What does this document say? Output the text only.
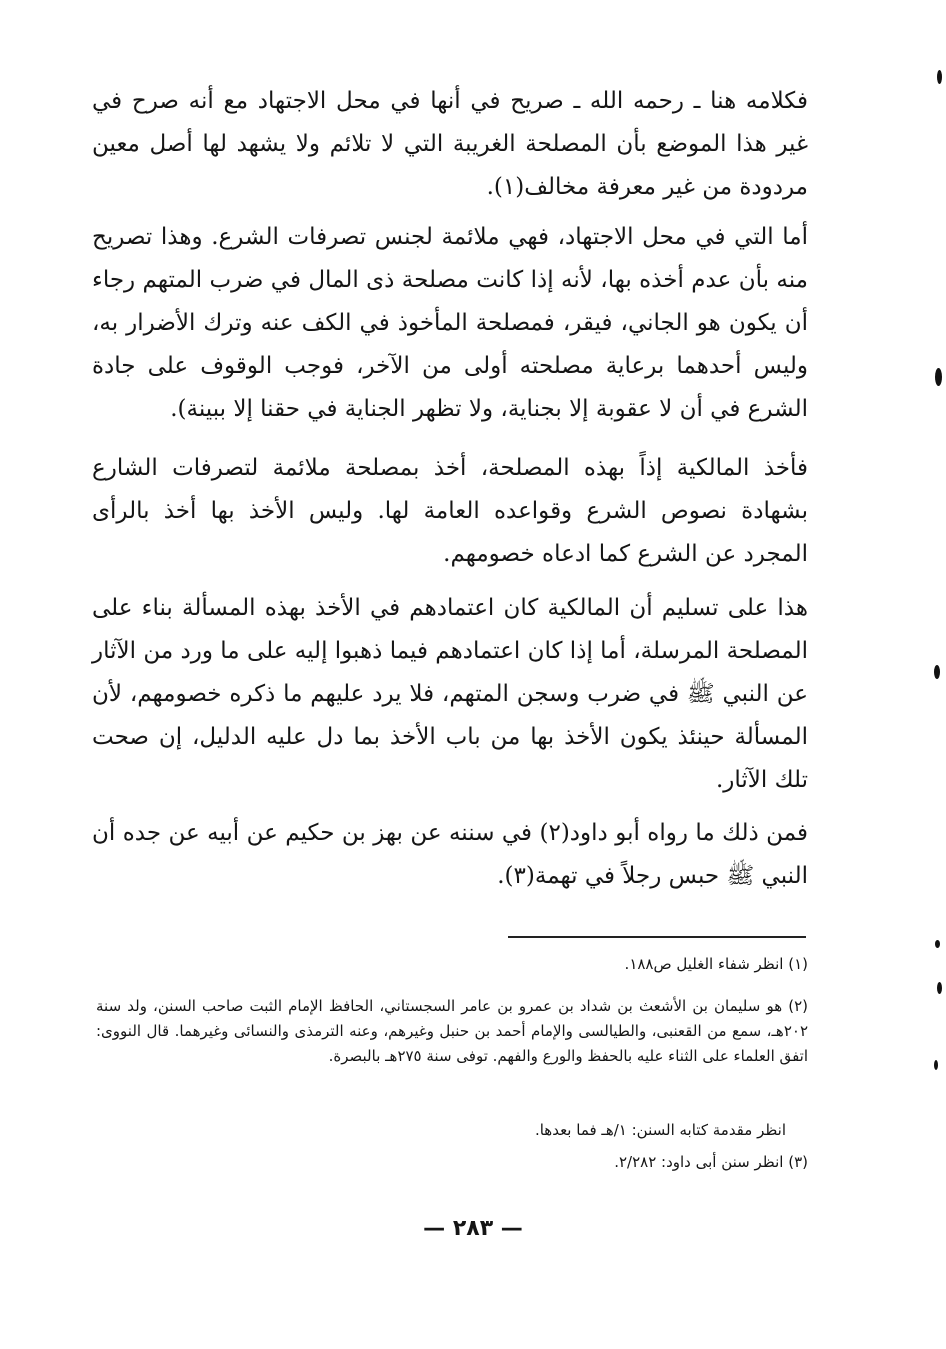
فكلامه هنا ـ رحمه الله ـ صريح في أنها في محل الاجتهاد مع أنه صرح في غير هذا الموضع بأن المصلحة الغريبة التي لا تلائم ولا يشهد لها أصل معين مردودة من غير معرفة مخالف(١).

أما التي في محل الاجتهاد، فهي ملائمة لجنس تصرفات الشرع. وهذا تصريح منه بأن عدم أخذه بها، لأنه إذا كانت مصلحة ذى المال في ضرب المتهم رجاء أن يكون هو الجاني، فيقر، فمصلحة المأخوذ في الكف عنه وترك الأضرار به، وليس أحدهما برعاية مصلحته أولى من الآخر، فوجب الوقوف على جادة الشرع في أن لا عقوبة إلا بجناية، ولا تظهر الجناية في حقنا إلا ببينة).

فأخذ المالكية إذاً بهذه المصلحة، أخذ بمصلحة ملائمة لتصرفات الشارع بشهادة نصوص الشرع وقواعده العامة لها. وليس الأخذ بها أخذ بالرأى المجرد عن الشرع كما ادعاه خصومهم.

هذا على تسليم أن المالكية كان اعتمادهم في الأخذ بهذه المسألة بناء على المصلحة المرسلة، أما إذا كان اعتمادهم فيما ذهبوا إليه على ما ورد من الآثار عن النبي ﷺ في ضرب وسجن المتهم، فلا يرد عليهم ما ذكره خصومهم، لأن المسألة حينئذ يكون الأخذ بها من باب الأخذ بما دل عليه الدليل، إن صحت تلك الآثار.

فمن ذلك ما رواه أبو داود(٢) في سننه عن بهز بن حكيم عن أبيه عن جده أن النبي ﷺ حبس رجلاً في تهمة(٣).

(١) انظر شفاء الغليل ص١٨٨.

(٢) هو سليمان بن الأشعث بن شداد بن عمرو بن عامر السجستاني، الحافظ الإمام الثبت صاحب السنن، ولد سنة ٢٠٢هـ، سمع من القعنبى، والطيالسى والإمام أحمد بن حنبل وغيرهم، وعنه الترمذى والنسائى وغيرهما. قال النووى: اتفق العلماء على الثناء عليه بالحفظ والورع والفهم. توفى سنة ٢٧٥هـ بالبصرة.

انظر مقدمة كتابه السنن: ١/هـ فما بعدها.

(٣) انظر سنن أبى داود: ٢/٢٨٢.

— ٢٨٣ —
